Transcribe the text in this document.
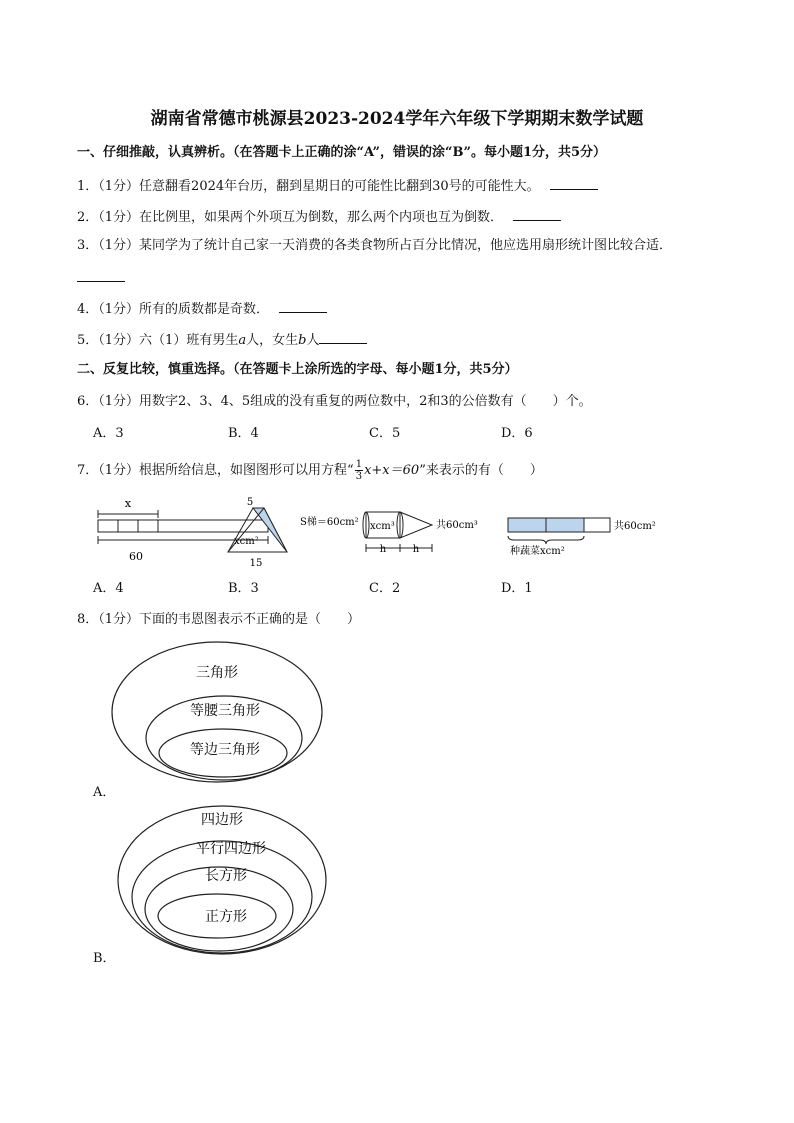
湖南省常德市桃源县2023-2024学年六年级下学期期末数学试题
一、仔细推敲，认真辨析。（在答题卡上正确的涂“A”，错误的涂“B”。每小题1分，共5分）
1．（1分）任意翻看2024年台历，翻到星期日的可能性比翻到30号的可能性大。
2．（1分）在比例里，如果两个外项互为倒数，那么两个内项也互为倒数．
3．（1分）某同学为了统计自己家一天消费的各类食物所占百分比情况，他应选用扇形统计图比较合适．
4．（1分）所有的质数都是奇数．
5．（1分）六（1）班有男生a人，女生b人
二、反复比较，慎重选择。（在答题卡上涂所选的字母、每小题1分，共5分）
6．（1分）用数字2、3、4、5组成的没有重复的两位数中，2和3的公倍数有（　　）个。
A．3	B．4	C．5	D．6
7．（1分）根据所给信息，如图图形可以用方程“ $\frac{1}{3} x+x=60$”来表示的有（　　）
x
60
5
S梯＝60cm²
xcm²
15
xcm³	共60cm³
h	h
共60cm²
种蔬菜xcm²
A．4	B．3	C．2	D．1
8．（1分）下面的韦恩图表示不正确的是（　　）
三角形
等腰三角形
等边三角形
A．
四边形
平行四边形
长方形
正方形
B．
